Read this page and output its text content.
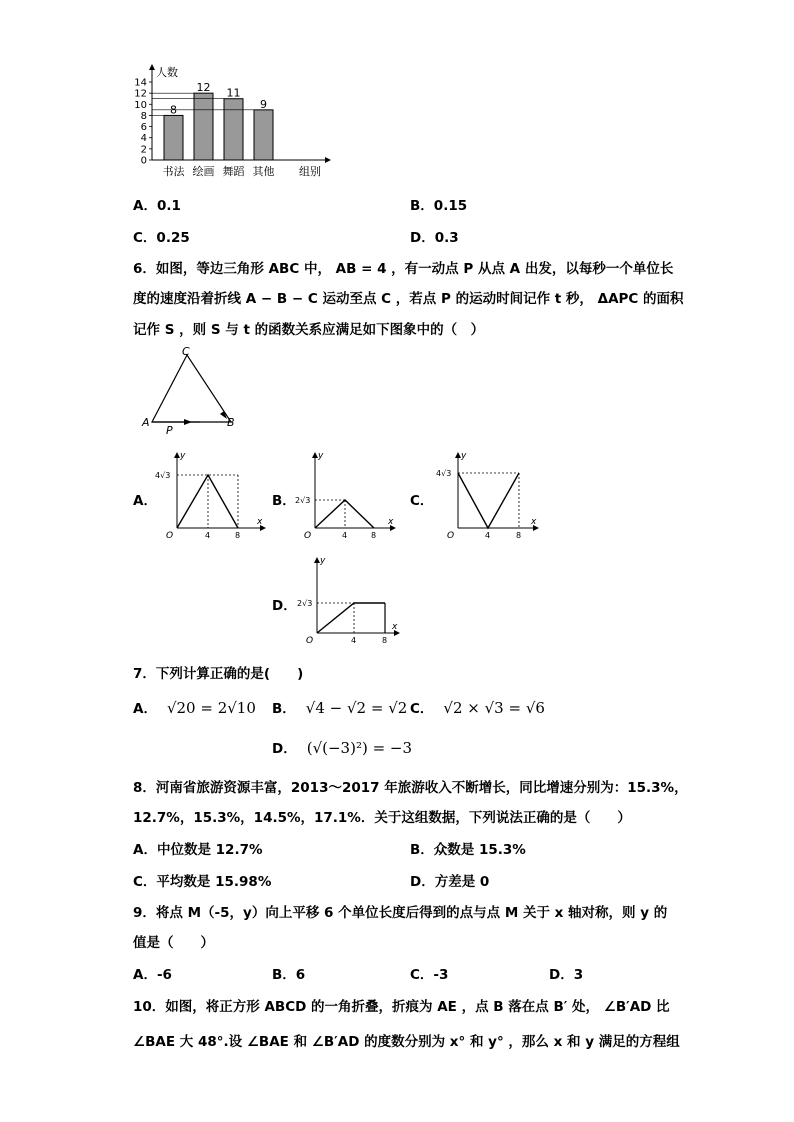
人数
0
2
4
6
8
10
12
14
8
书法
12
绘画
11
舞蹈
9
其他 组别
A．0.1	B．0.15
C．0.25	D．0.3
6．如图，等边三角形 ABC 中， AB = 4 ，有一动点 P 从点 A 出发，以每秒一个单位长
度的速度沿着折线 A − B − C 运动至点 C ，若点 P 的运动时间记作 t 秒， ΔAPC 的面积
记作 S ，则 S 与 t 的函数关系应满足如下图象中的（　）
C
A	B
P
A．
y
x
O
4√3
4	8
B．
y
x
O
2√3
4	8
C．
y
x
O
4√3
4	8
D．
y
x
O
2√3
4	8
7．下列计算正确的是(　　)
A． √20 = 2√10 B． √4 − √2 = √2 C． √2 × √3 = √6
D． (√(−3)²) = −3
8．河南省旅游资源丰富，2013～2017 年旅游收入不断增长，同比增速分别为：15.3%，
12.7%，15.3%，14.5%，17.1%．关于这组数据，下列说法正确的是（　　）
A．中位数是 12.7%	B．众数是 15.3%
C．平均数是 15.98%	D．方差是 0
9．将点 M（-5，y）向上平移 6 个单位长度后得到的点与点 M 关于 x 轴对称，则 y 的
值是（　　）
A．-6	B．6	C．-3	D．3
10．如图，将正方形 ABCD 的一角折叠，折痕为 AE ，点 B 落在点 B′ 处， ∠B′AD 比
∠BAE 大 48°.设 ∠BAE 和 ∠B′AD 的度数分别为 x° 和 y° ，那么 x 和 y 满足的方程组
